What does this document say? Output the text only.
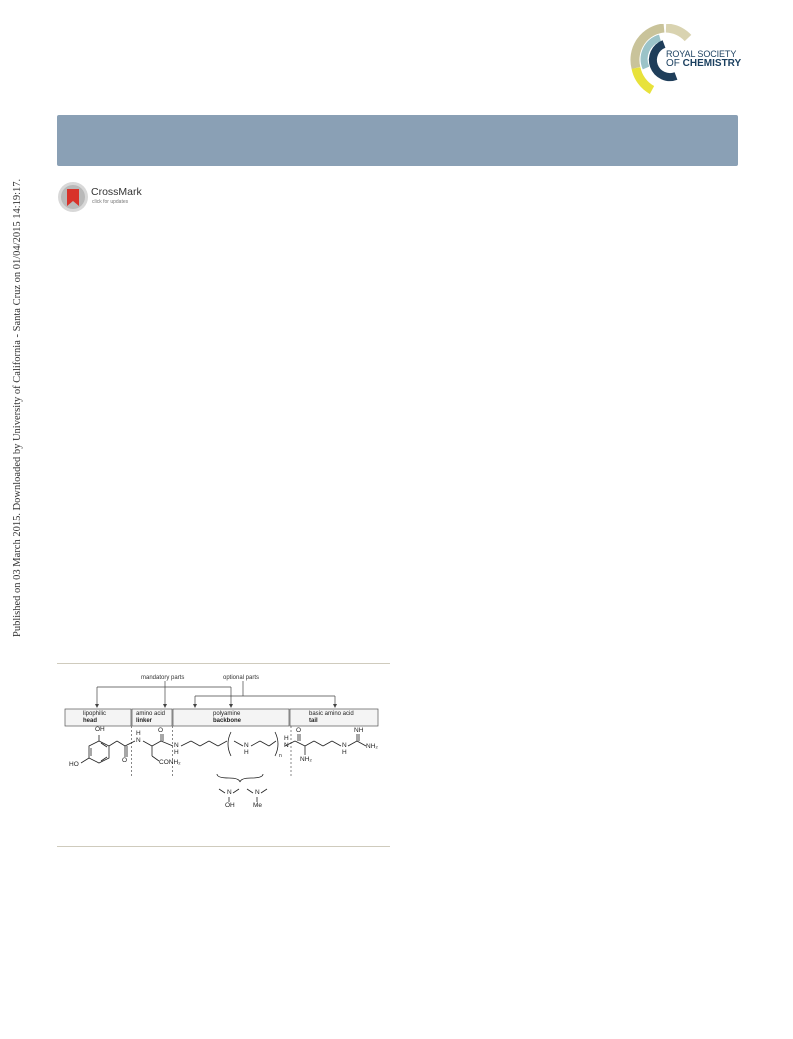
Published on 03 March 2015. Downloaded by University of California - Santa Cruz on 01/04/2015 14:19:17.
ROYAL SOCIETY
OF CHEMISTRY
CrossMark
click for updates
mandatory parts	optional parts
lipophilic
head
amino acid
linker
polyamine
backbone
basic amino acid
tail
OH
HO
O
N
H	O
CONH₂
N
H
N
H	n
N
H
O
NH₂
N
H
NH
NH₂
N
OH
N
Me
